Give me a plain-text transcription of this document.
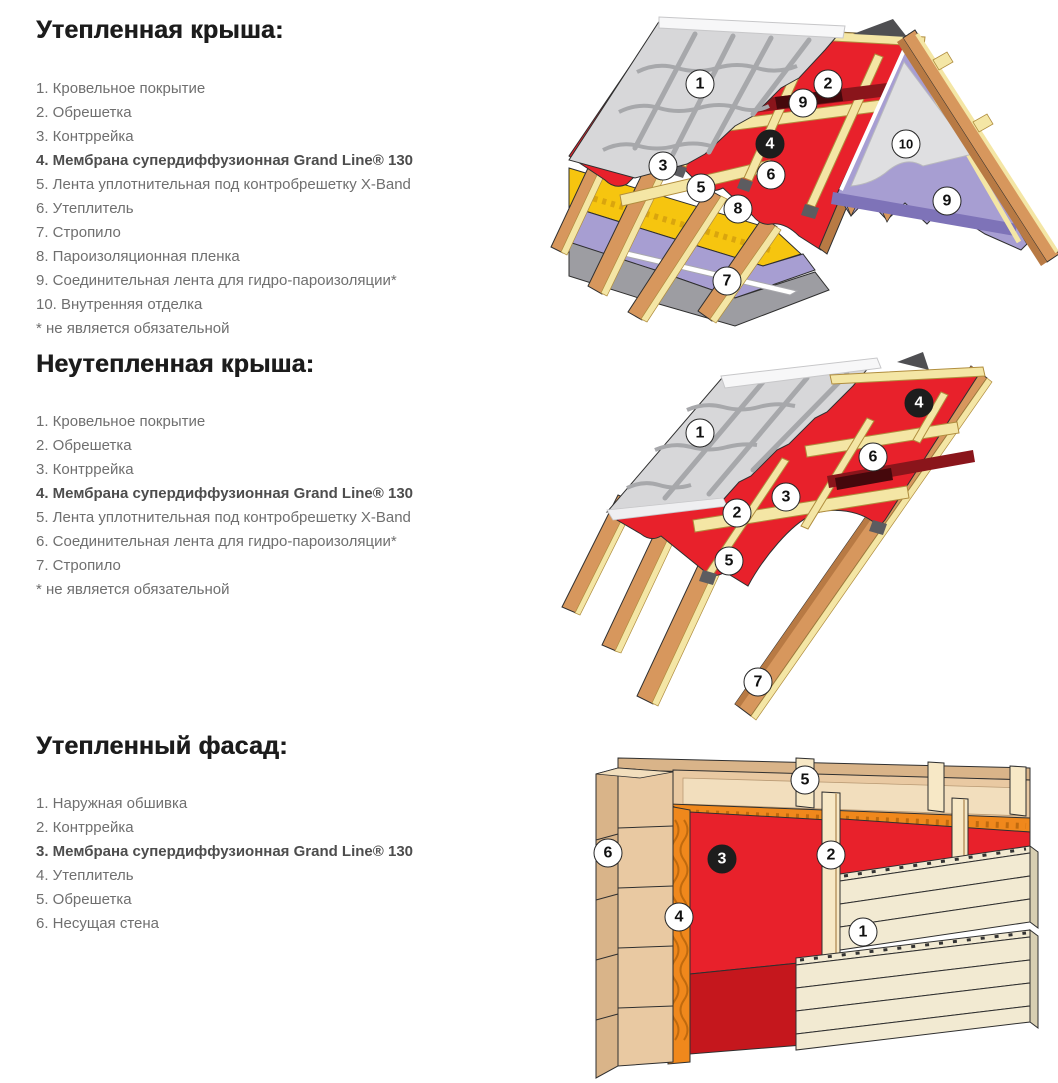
Утепленная крыша:
1. Кровельное покрытие
2. Обрешетка
3. Контррейка
4. Мембрана супердиффузионная Grand Line® 130
5. Лента уплотнительная под контробрешетку X-Band
6. Утеплитель
7. Стропило
8. Пароизоляционная пленка
9. Соединительная лента для гидро-пароизоляции*
10. Внутренняя отделка
* не является обязательной
Неутепленная крыша:
1. Кровельное покрытие
2. Обрешетка
3. Контррейка
4. Мембрана супердиффузионная Grand Line® 130
5. Лента уплотнительная под контробрешетку X-Band
6. Соединительная лента для гидро-пароизоляции*
7. Стропило
* не является обязательной
Утепленный фасад:
1. Наружная обшивка
2. Контррейка
3. Мембрана супердиффузионная Grand Line® 130
4. Утеплитель
5. Обрешетка
6. Несущая стена
1	2
9
4
3
5
6
8
7
10
9
1
4
6
3
2
5
7
5
6	3	2
4
1
